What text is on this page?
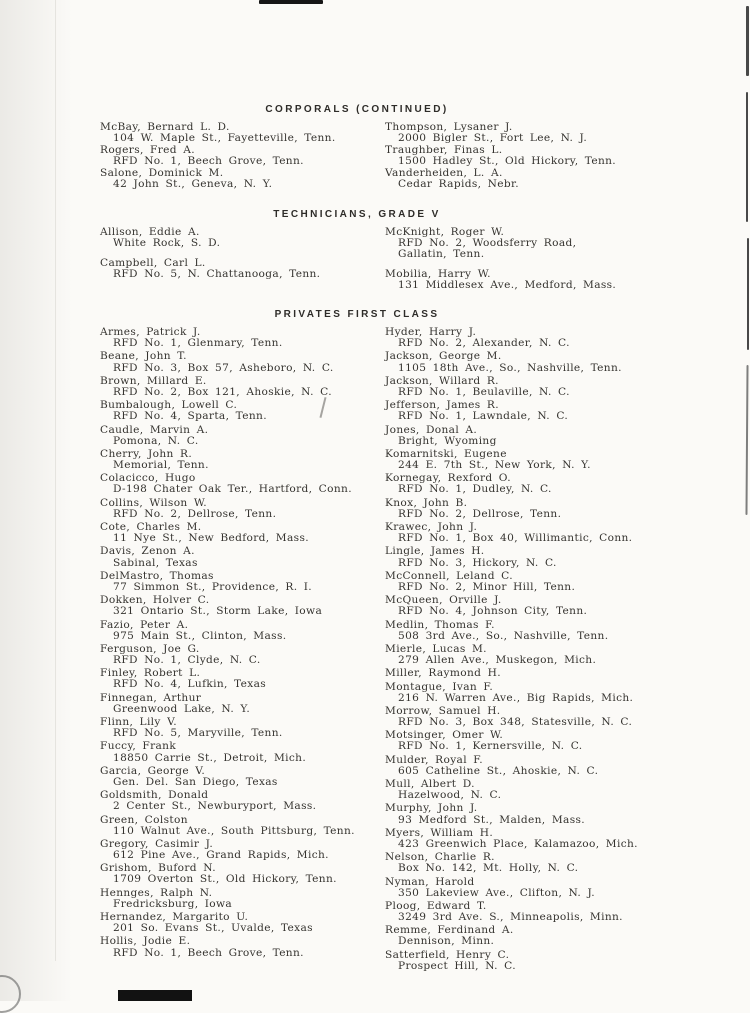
CORPORALS (CONTINUED)
McBay, Bernard L. D.
104 W. Maple St., Fayetteville, Tenn.
Rogers, Fred A.
RFD No. 1, Beech Grove, Tenn.
Salone, Dominick M.
42 John St., Geneva, N. Y.
Thompson, Lysaner J.
2000 Bigler St., Fort Lee, N. J.
Traughber, Finas L.
1500 Hadley St., Old Hickory, Tenn.
Vanderheiden, L. A.
Cedar Rapids, Nebr.
TECHNICIANS, GRADE V
Allison, Eddie A.
White Rock, S. D.
Campbell, Carl L.
RFD No. 5, N. Chattanooga, Tenn.
McKnight, Roger W.
RFD No. 2, Woodsferry Road,
Gallatin, Tenn.
Mobilia, Harry W.
131 Middlesex Ave., Medford, Mass.
PRIVATES FIRST CLASS
Armes, Patrick J.
RFD No. 1, Glenmary, Tenn.
Beane, John T.
RFD No. 3, Box 57, Asheboro, N. C.
Brown, Millard E.
RFD No. 2, Box 121, Ahoskie, N. C.
Bumbalough, Lowell C.
RFD No. 4, Sparta, Tenn.
Caudle, Marvin A.
Pomona, N. C.
Cherry, John R.
Memorial, Tenn.
Colacicco, Hugo
D-198 Chater Oak Ter., Hartford, Conn.
Collins, Wilson W.
RFD No. 2, Dellrose, Tenn.
Cote, Charles M.
11 Nye St., New Bedford, Mass.
Davis, Zenon A.
Sabinal, Texas
DelMastro, Thomas
77 Simmon St., Providence, R. I.
Dokken, Holver C.
321 Ontario St., Storm Lake, Iowa
Fazio, Peter A.
975 Main St., Clinton, Mass.
Ferguson, Joe G.
RFD No. 1, Clyde, N. C.
Finley, Robert L.
RFD No. 4, Lufkin, Texas
Finnegan, Arthur
Greenwood Lake, N. Y.
Flinn, Lily V.
RFD No. 5, Maryville, Tenn.
Fuccy, Frank
18850 Carrie St., Detroit, Mich.
Garcia, George V.
Gen. Del. San Diego, Texas
Goldsmith, Donald
2 Center St., Newburyport, Mass.
Green, Colston
110 Walnut Ave., South Pittsburg, Tenn.
Gregory, Casimir J.
612 Pine Ave., Grand Rapids, Mich.
Grishom, Buford N.
1709 Overton St., Old Hickory, Tenn.
Hennges, Ralph N.
Fredricksburg, Iowa
Hernandez, Margarito U.
201 So. Evans St., Uvalde, Texas
Hollis, Jodie E.
RFD No. 1, Beech Grove, Tenn.
Hyder, Harry J.
RFD No. 2, Alexander, N. C.
Jackson, George M.
1105 18th Ave., So., Nashville, Tenn.
Jackson, Willard R.
RFD No. 1, Beulaville, N. C.
Jefferson, James R.
RFD No. 1, Lawndale, N. C.
Jones, Donal A.
Bright, Wyoming
Komarnitski, Eugene
244 E. 7th St., New York, N. Y.
Kornegay, Rexford O.
RFD No. 1, Dudley, N. C.
Knox, John B.
RFD No. 2, Dellrose, Tenn.
Krawec, John J.
RFD No. 1, Box 40, Willimantic, Conn.
Lingle, James H.
RFD No. 3, Hickory, N. C.
McConnell, Leland C.
RFD No. 2, Minor Hill, Tenn.
McQueen, Orville J.
RFD No. 4, Johnson City, Tenn.
Medlin, Thomas F.
508 3rd Ave., So., Nashville, Tenn.
Mierle, Lucas M.
279 Allen Ave., Muskegon, Mich.
Miller, Raymond H.
Montague, Ivan F.
216 N. Warren Ave., Big Rapids, Mich.
Morrow, Samuel H.
RFD No. 3, Box 348, Statesville, N. C.
Motsinger, Omer W.
RFD No. 1, Kernersville, N. C.
Mulder, Royal F.
605 Catheline St., Ahoskie, N. C.
Mull, Albert D.
Hazelwood, N. C.
Murphy, John J.
93 Medford St., Malden, Mass.
Myers, William H.
423 Greenwich Place, Kalamazoo, Mich.
Nelson, Charlie R.
Box No. 142, Mt. Holly, N. C.
Nyman, Harold
350 Lakeview Ave., Clifton, N. J.
Ploog, Edward T.
3249 3rd Ave. S., Minneapolis, Minn.
Remme, Ferdinand A.
Dennison, Minn.
Satterfield, Henry C.
Prospect Hill, N. C.
